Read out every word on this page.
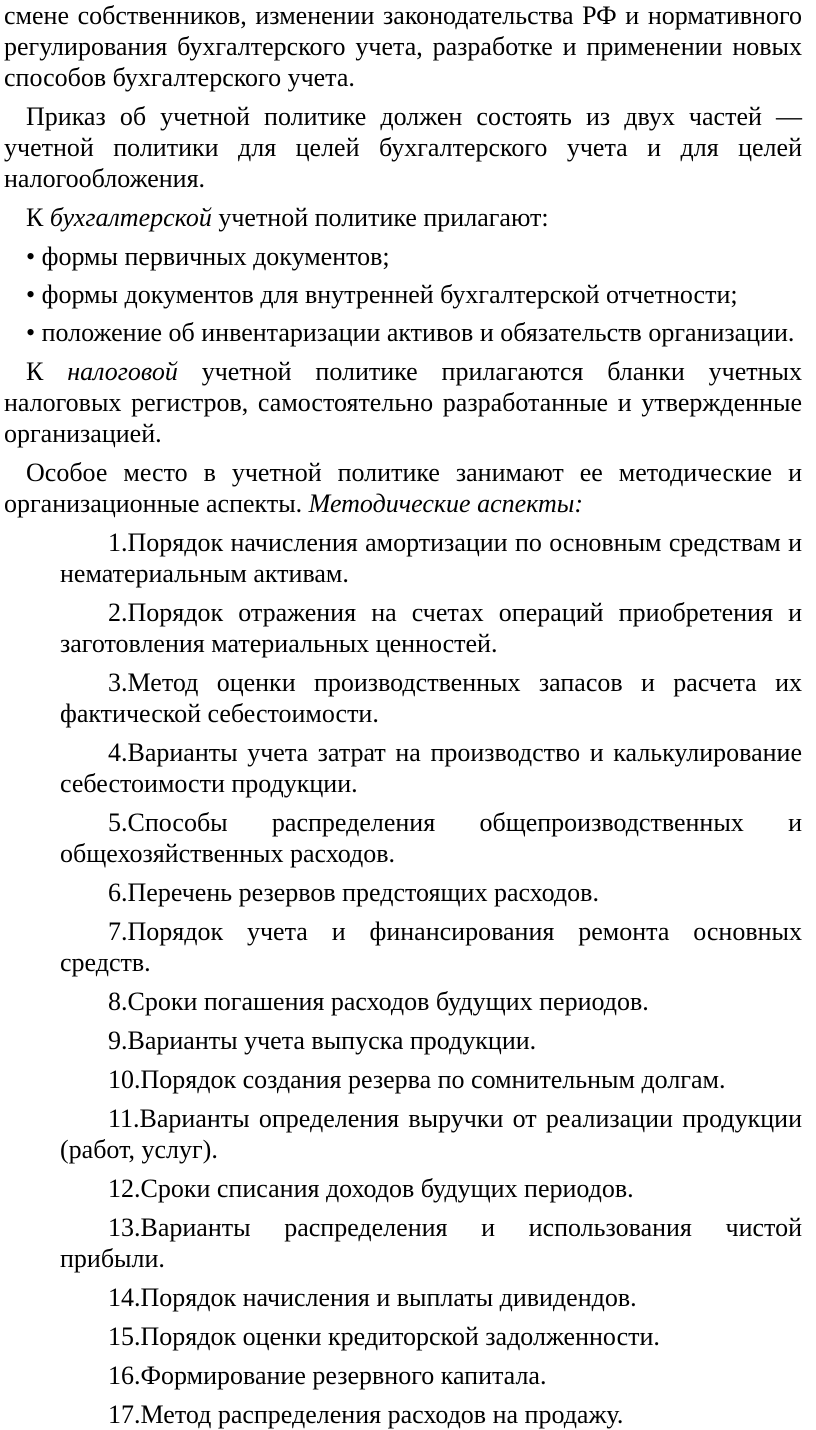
смене собственников, изменении законодательства РФ и нормативного регулирования бухгалтерского учета, разработке и применении новых способов бухгалтерского учета.

Приказ об учетной политике должен состоять из двух частей — учетной политики для целей бухгалтерского учета и для целей налогообложения.

К бухгалтерской учетной политике прилагают:

• формы первичных документов;

• формы документов для внутренней бухгалтерской отчетности;

• положение об инвентаризации активов и обязательств организации.

К налоговой учетной политике прилагаются бланки учетных налоговых регистров, самостоятельно разработанные и утвержденные организацией.

Особое место в учетной политике занимают ее методические и организационные аспекты. Методические аспекты:

1.Порядок начисления амортизации по основным средствам и нематериальным активам.

2.Порядок отражения на счетах операций приобретения и заготовления материальных ценностей.

3.Метод оценки производственных запасов и расчета их фактической себестоимости.

4.Варианты учета затрат на производство и калькулирование себестоимости продукции.

5.Способы распределения общепроизводственных и общехозяйственных расходов.

6.Перечень резервов предстоящих расходов.

7.Порядок учета и финансирования ремонта основных средств.

8.Сроки погашения расходов будущих периодов.

9.Варианты учета выпуска продукции.

10.Порядок создания резерва по сомнительным долгам.

11.Варианты определения выручки от реализации продукции (работ, услуг).

12.Сроки списания доходов будущих периодов.

13.Варианты распределения и использования чистой прибыли.

14.Порядок начисления и выплаты дивидендов.

15.Порядок оценки кредиторской задолженности.

16.Формирование резервного капитала.

17.Метод распределения расходов на продажу.
